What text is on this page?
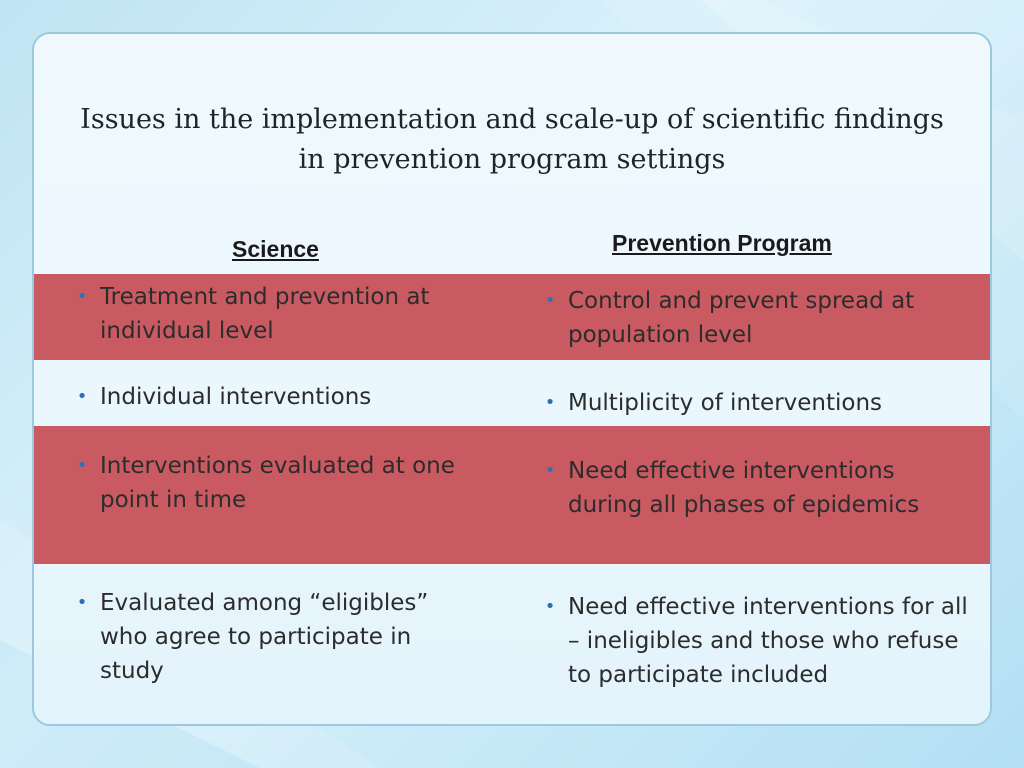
Issues in the implementation and scale-up of scientific findings in prevention program settings
Science	Prevention Program
• Treatment and prevention at individual level
• Control and prevent spread at population level
• Individual interventions	• Multiplicity of interventions
• Interventions evaluated at one point in time
• Need effective interventions during all phases of epidemics
• Evaluated among “eligibles” who agree to participate in study
• Need effective interventions for all – ineligibles and those who refuse to participate included
